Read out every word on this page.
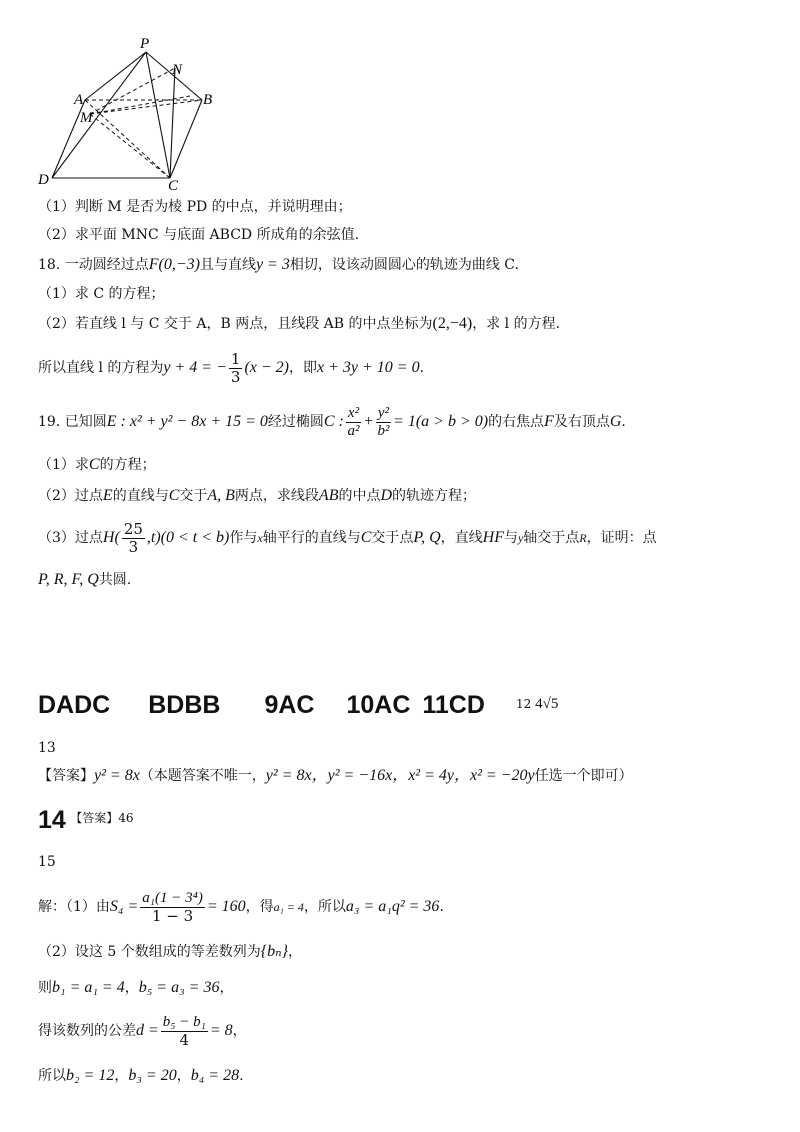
P
N
A	B
M
D	C
（1）判断 M 是否为棱 PD 的中点，并说明理由；
（2）求平面 MNC 与底面 ABCD 所成角的余弦值.
18. 一动圆经过点F(0,−3)且与直线y = 3相切，设该动圆圆心的轨迹为曲线 C.
（1）求 C 的方程；
（2）若直线 l 与 C 交于 A，B 两点，且线段 AB 的中点坐标为(2,−4)，求 l 的方程.
所以直线 l 的方程为y + 4 = − $\frac{1}{3} (x - 2)$，即x + 3y + 10 = 0.
19. 已知圆E : x² + y² − 8x + 15 = 0经过椭圆C : $\frac{\text{x²}}{\text{a²}} + \frac{\text{y²}}{\text{b²}} = 1(a > b > 0)$的右焦点F及右顶点G.
（1）求C的方程；
（2）过点E的直线与C交于A, B两点，求线段AB的中点D的轨迹方程；
（3）过点$H( \frac{25}{3} ,t)(0 < t < b)$作与x轴平行的直线与C交于点P, Q，直线HF与y轴交于点R，证明：点
P, R, F, Q共圆.
DADC BDBB 9AC 10AC 11CD	12 4√5
13
【答案】y² = 8x（本题答案不唯一，y² = 8x，y² = −16x，x² = 4y，x² = −20y任选一个即可）
14 【答案】46
15
解：（1）由$S_4 = \frac{\text{a₁(1 − 3⁴)}}{1 - 3} = 160$，得a₁ = 4，所以a₃ = a₁q² = 36.
（2）设这 5 个数组成的等差数列为{bₙ}，
则b₁ = a₁ = 4，b₅ = a₃ = 36，
得该数列的公差$d = \frac{\text{b₅ − b₁}}{4} = 8$，
所以b₂ = 12，b₃ = 20，b₄ = 28.
